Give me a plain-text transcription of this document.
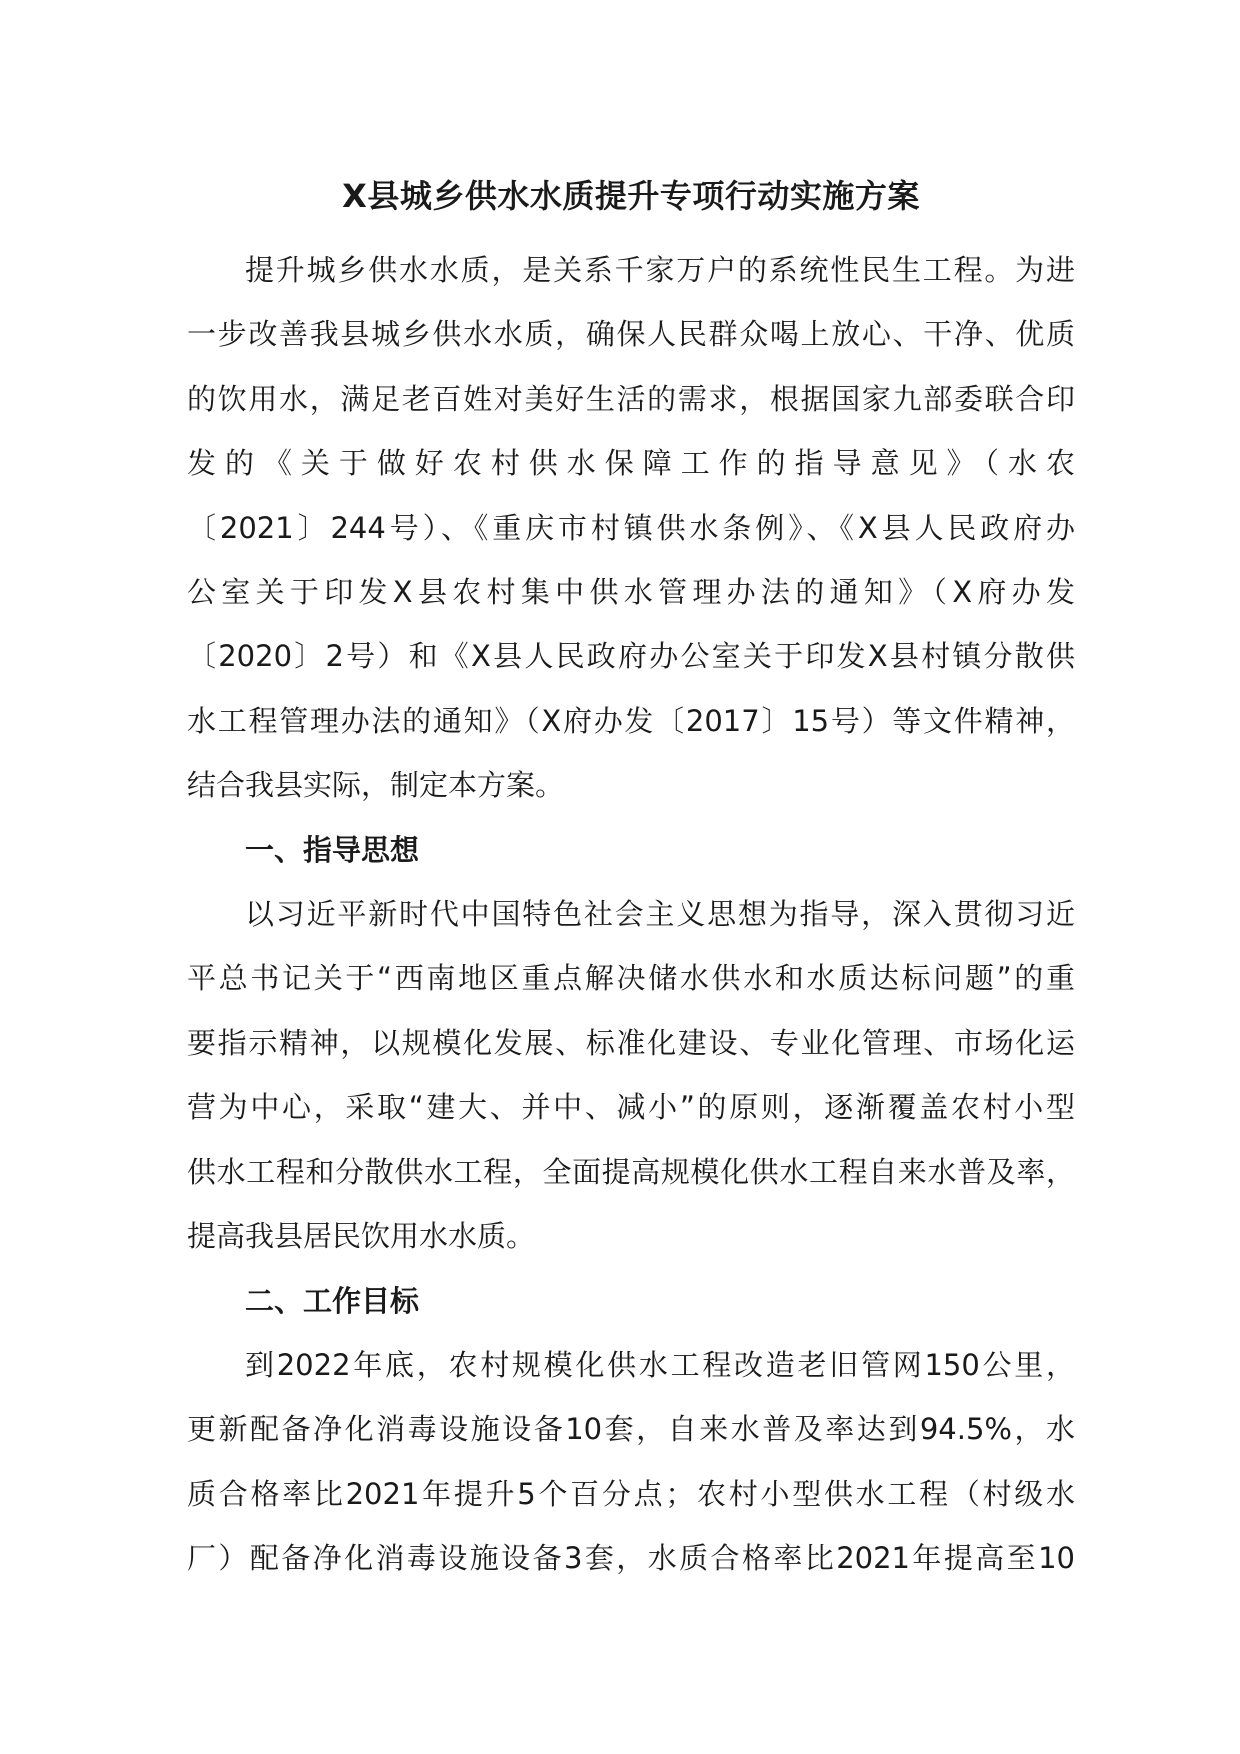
X县城乡供水水质提升专项行动实施方案

提升城乡供水水质，是关系千家万户的系统性民生工程。为进
一步改善我县城乡供水水质，确保人民群众喝上放心、干净、优质
的饮用水，满足老百姓对美好生活的需求，根据国家九部委联合印
发的《关于做好农村供水保障工作的指导意见》（水农
〔2021〕244号）、《重庆市村镇供水条例》、《X县人民政府办
公室关于印发X县农村集中供水管理办法的通知》（X府办发
〔2020〕2号）和《X县人民政府办公室关于印发X县村镇分散供
水工程管理办法的通知》（X府办发〔2017〕15号）等文件精神，
结合我县实际，制定本方案。

一、指导思想

以习近平新时代中国特色社会主义思想为指导，深入贯彻习近
平总书记关于“西南地区重点解决储水供水和水质达标问题”的重
要指示精神，以规模化发展、标准化建设、专业化管理、市场化运
营为中心，采取“建大、并中、减小”的原则，逐渐覆盖农村小型
供水工程和分散供水工程，全面提高规模化供水工程自来水普及率，
提高我县居民饮用水水质。

二、工作目标

到2022年底，农村规模化供水工程改造老旧管网150公里，
更新配备净化消毒设施设备10套，自来水普及率达到94.5%，水
质合格率比2021年提升5个百分点；农村小型供水工程（村级水
厂）配备净化消毒设施设备3套，水质合格率比2021年提高至10
